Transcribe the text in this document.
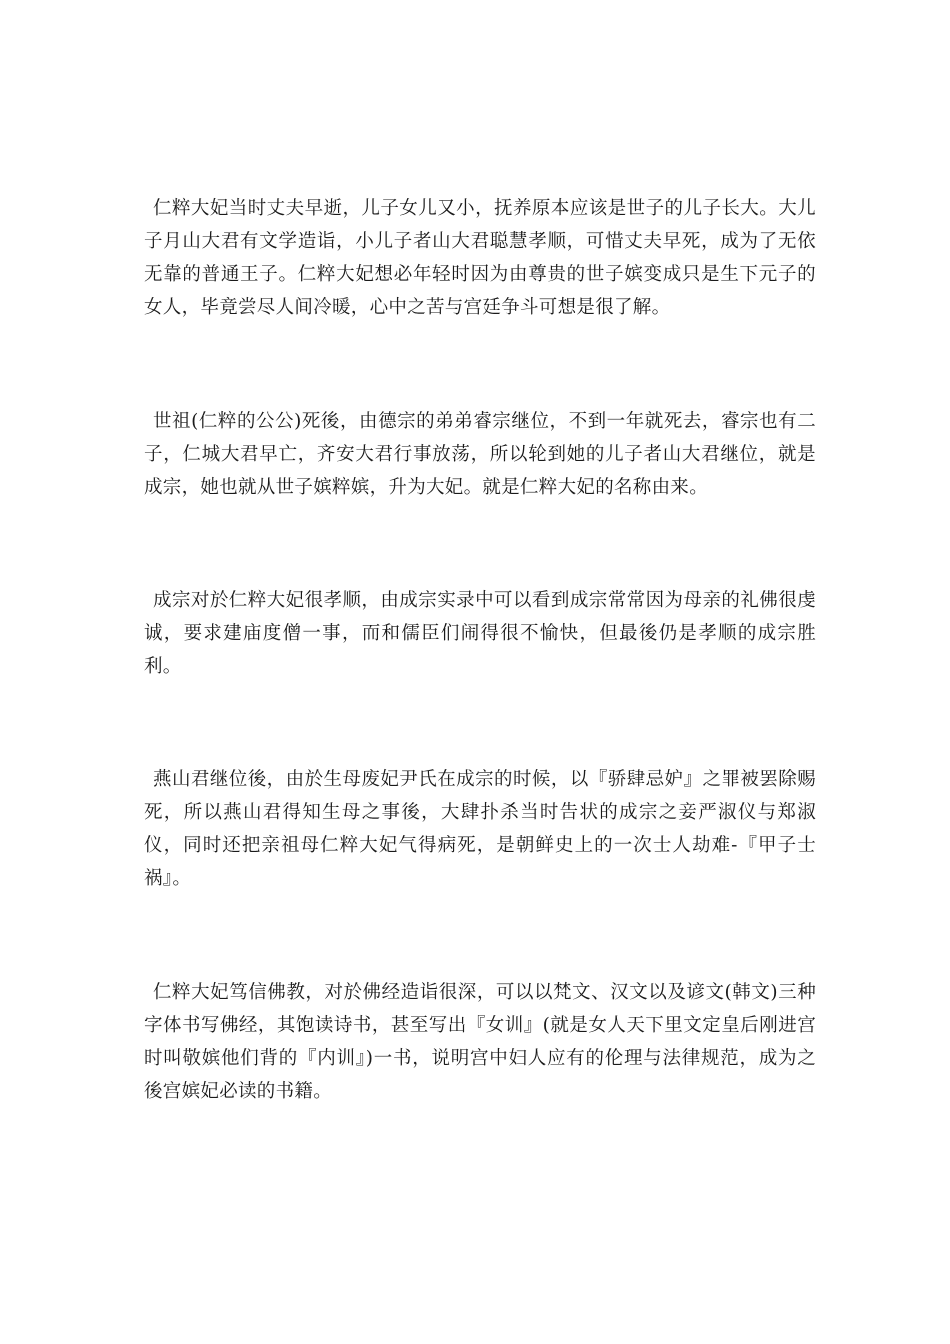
仁粹大妃当时丈夫早逝，儿子女儿又小，抚养原本应该是世子的儿子长大。大儿子月山大君有文学造诣，小儿子者山大君聪慧孝顺，可惜丈夫早死，成为了无依无靠的普通王子。仁粹大妃想必年轻时因为由尊贵的世子嫔变成只是生下元子的女人，毕竟尝尽人间冷暖，心中之苦与宫廷争斗可想是很了解。

世祖(仁粹的公公)死後，由德宗的弟弟睿宗继位，不到一年就死去，睿宗也有二子，仁城大君早亡，齐安大君行事放荡，所以轮到她的儿子者山大君继位，就是成宗，她也就从世子嫔粹嫔，升为大妃。就是仁粹大妃的名称由来。

成宗对於仁粹大妃很孝顺，由成宗实录中可以看到成宗常常因为母亲的礼佛很虔诚，要求建庙度僧一事，而和儒臣们闹得很不愉快，但最後仍是孝顺的成宗胜利。

燕山君继位後，由於生母废妃尹氏在成宗的时候，以『骄肆忌妒』之罪被罢除赐死，所以燕山君得知生母之事後，大肆扑杀当时告状的成宗之妾严淑仪与郑淑仪，同时还把亲祖母仁粹大妃气得病死，是朝鲜史上的一次士人劫难-『甲子士祸』。

仁粹大妃笃信佛教，对於佛经造诣很深，可以以梵文、汉文以及谚文(韩文)三种字体书写佛经，其饱读诗书，甚至写出『女训』(就是女人天下里文定皇后刚进宫时叫敬嫔他们背的『内训』)一书，说明宫中妇人应有的伦理与法律规范，成为之後宫嫔妃必读的书籍。
